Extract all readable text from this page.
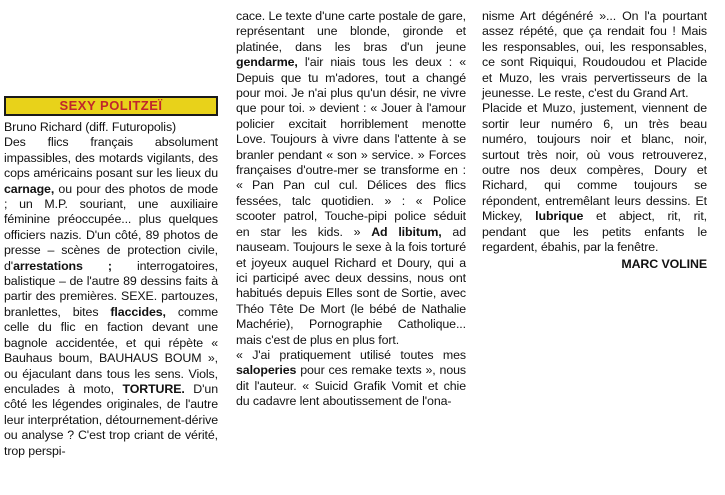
SEXY POLITZEÏ

Bruno Richard (diff. Futuropolis)

Des flics français absolument impassibles, des motards vigilants, des cops américains posant sur les lieux du carnage, ou pour des photos de mode ; un M.P. souriant, une auxiliaire féminine préoccupée... plus quelques officiers nazis. D'un côté, 89 photos de presse – scènes de protection civile, d'arrestations ; interrogatoires, balistique – de l'autre 89 dessins faits à partir des premières. SEXE. partouzes, branlettes, bites flaccides, comme celle du flic en faction devant une bagnole accidentée, et qui répète « Bauhaus boum, BAUHAUS BOUM », ou éjaculant dans tous les sens. Viols, enculades à moto, TORTURE. D'un côté les légendes originales, de l'autre leur interprétation, détournement-dérive ou analyse ? C'est trop criant de vérité, trop perspi-

cace. Le texte d'une carte postale de gare, représentant une blonde, gironde et platinée, dans les bras d'un jeune gendarme, l'air niais tous les deux : « Depuis que tu m'adores, tout a changé pour moi. Je n'ai plus qu'un désir, ne vivre que pour toi. » devient : « Jouer à l'amour policier excitait horriblement menotte Love. Toujours à vivre dans l'attente à se branler pendant « son » service. » Forces françaises d'outre-mer se transforme en : « Pan Pan cul cul. Délices des flics fessées, talc quotidien. » : « Police scooter patrol, Touche-pipi police séduit en star les kids. » Ad libitum, ad nauseam. Toujours le sexe à la fois torturé et joyeux auquel Richard et Doury, qui a ici participé avec deux dessins, nous ont habitués depuis Elles sont de Sortie, avec Théo Tête De Mort (le bébé de Nathalie Machérie), Pornographie Catholique... mais c'est de plus en plus fort.

« J'ai pratiquement utilisé toutes mes saloperies pour ces remake texts », nous dit l'auteur. « Suicid Grafik Vomit et chie du cadavre lent aboutissement de l'ona-

nisme Art dégénéré »... On l'a pourtant assez répété, que ça rendait fou ! Mais les responsables, oui, les responsables, ce sont Riquiqui, Roudoudou et Placide et Muzo, les vrais pervertisseurs de la jeunesse. Le reste, c'est du Grand Art.

Placide et Muzo, justement, viennent de sortir leur numéro 6, un très beau numéro, toujours noir et blanc, noir, surtout très noir, où vous retrouverez, outre nos deux compères, Doury et Richard, qui comme toujours se répondent, entremêlant leurs dessins. Et Mickey, lubrique et abject, rit, rit, pendant que les petits enfants le regardent, ébahis, par la fenêtre.

MARC VOLINE
